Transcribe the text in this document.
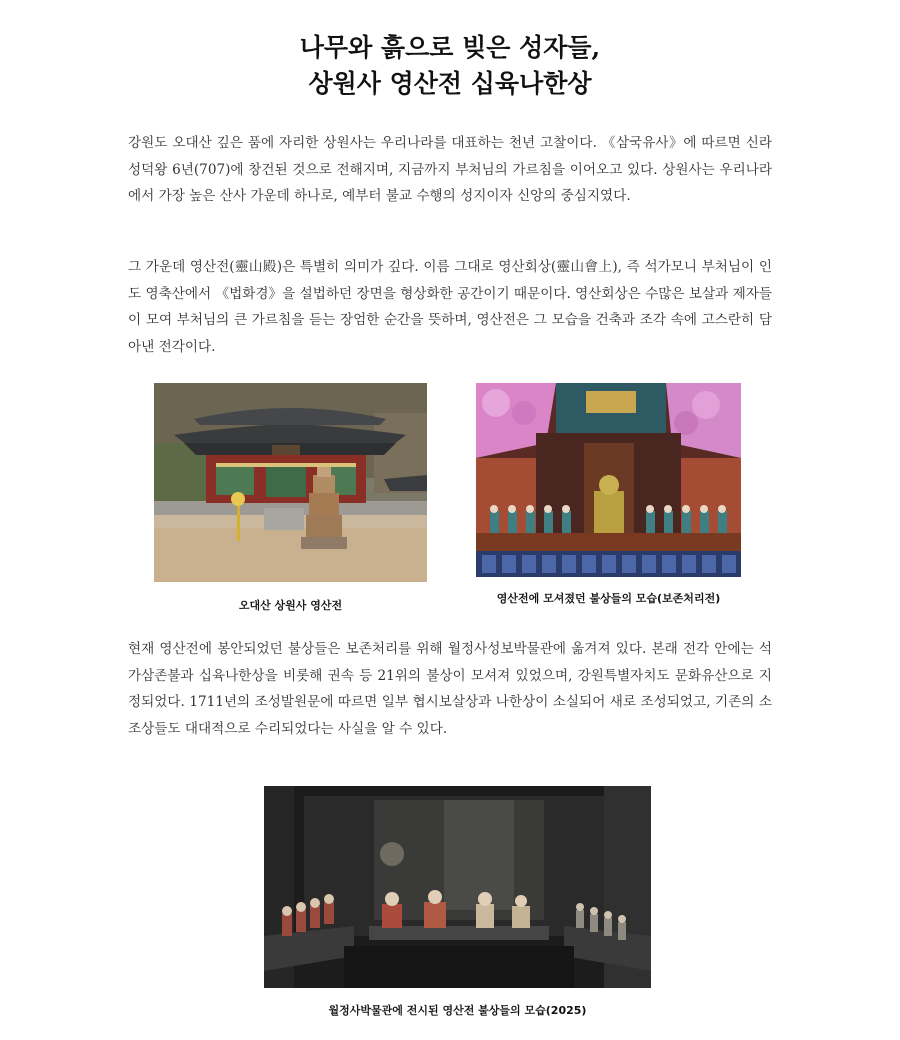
나무와 흙으로 빚은 성자들,
상원사 영산전 십육나한상

강원도 오대산 깊은 품에 자리한 상원사는 우리나라를 대표하는 천년 고찰이다. 《삼국유사》에 따르면 신라 성덕왕 6년(707)에 창건된 것으로 전해지며, 지금까지 부처님의 가르침을 이어오고 있다. 상원사는 우리나라에서 가장 높은 산사 가운데 하나로, 예부터 불교 수행의 성지이자 신앙의 중심지였다.

그 가운데 영산전(靈山殿)은 특별히 의미가 깊다. 이름 그대로 영산회상(靈山會上), 즉 석가모니 부처님이 인도 영축산에서 《법화경》을 설법하던 장면을 형상화한 공간이기 때문이다. 영산회상은 수많은 보살과 제자들이 모여 부처님의 큰 가르침을 듣는 장엄한 순간을 뜻하며, 영산전은 그 모습을 건축과 조각 속에 고스란히 담아낸 전각이다.

오대산 상원사 영산전
영산전에 모셔졌던 불상들의 모습(보존처리전)

현재 영산전에 봉안되었던 불상들은 보존처리를 위해 월정사성보박물관에 옮겨져 있다. 본래 전각 안에는 석가삼존불과 십육나한상을 비롯해 권속 등 21위의 불상이 모셔져 있었으며, 강원특별자치도 문화유산으로 지정되었다. 1711년의 조성발원문에 따르면 일부 협시보살상과 나한상이 소실되어 새로 조성되었고, 기존의 소조상들도 대대적으로 수리되었다는 사실을 알 수 있다.

월정사박물관에 전시된 영산전 불상들의 모습(2025)
